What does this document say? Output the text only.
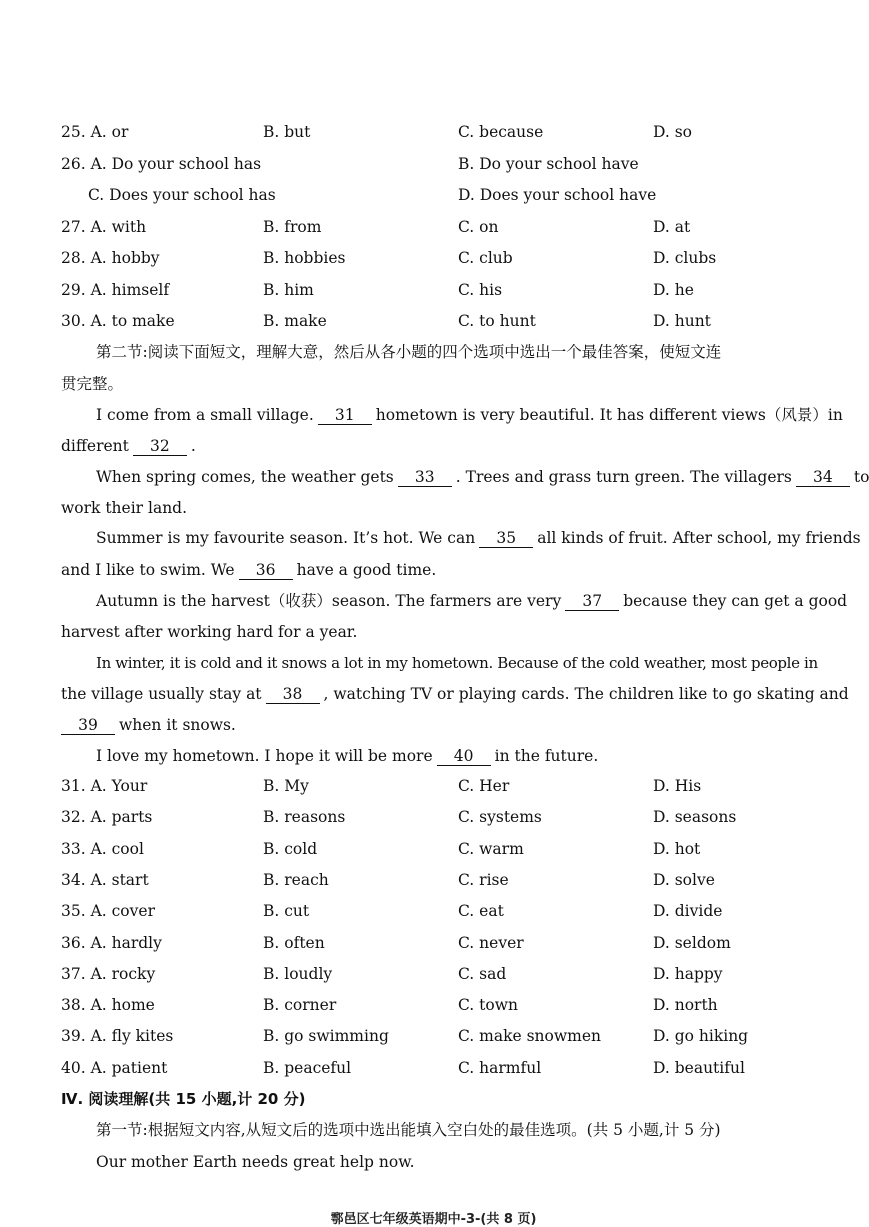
25. A. or	B. but	C. because	D. so
26. A. Do your school has	B. Do your school have
C. Does your school has	D. Does your school have
27. A. with	B. from	C. on	D. at
28. A. hobby	B. hobbies	C. club	D. clubs
29. A. himself	B. him	C. his	D. he
30. A. to make	B. make	C. to hunt	D. hunt
第二节:阅读下面短文，理解大意，然后从各小题的四个选项中选出一个最佳答案，使短文连
贯完整。
I come from a small village. 31 hometown is very beautiful. It has different views（风景）in
different 32 .
When spring comes, the weather gets 33 . Trees and grass turn green. The villagers 34 to
work their land.
Summer is my favourite season. It’s hot. We can 35 all kinds of fruit. After school, my friends
and I like to swim. We 36 have a good time.
Autumn is the harvest（收获）season. The farmers are very 37 because they can get a good
harvest after working hard for a year.
In winter, it is cold and it snows a lot in my hometown. Because of the cold weather, most people in
the village usually stay at 38 , watching TV or playing cards. The children like to go skating and
39 when it snows.
I love my hometown. I hope it will be more 40 in the future.
31. A. Your	B. My	C. Her	D. His
32. A. parts	B. reasons	C. systems	D. seasons
33. A. cool	B. cold	C. warm	D. hot
34. A. start	B. reach	C. rise	D. solve
35. A. cover	B. cut	C. eat	D. divide
36. A. hardly	B. often	C. never	D. seldom
37. A. rocky	B. loudly	C. sad	D. happy
38. A. home	B. corner	C. town	D. north
39. A. fly kites	B. go swimming	C. make snowmen	D. go hiking
40. A. patient	B. peaceful	C. harmful	D. beautiful
Ⅳ. 阅读理解(共 15 小题,计 20 分)
第一节:根据短文内容,从短文后的选项中选出能填入空白处的最佳选项。(共 5 小题,计 5 分)
Our mother Earth needs great help now.
鄠邑区七年级英语期中-3-(共 8 页)
